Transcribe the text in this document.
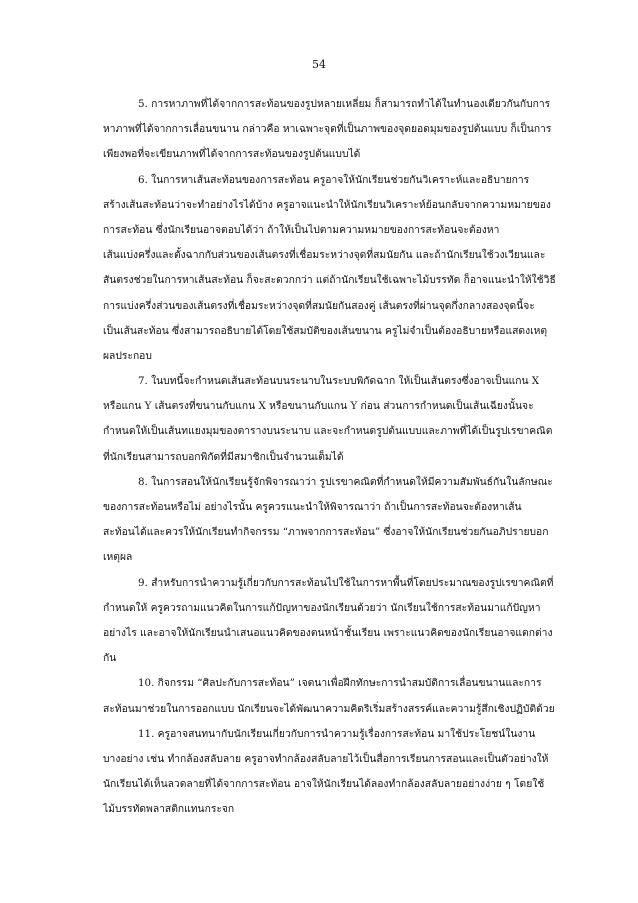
54
5. การหาภาพที่ได้จากการสะท้อนของรูปหลายเหลี่ยม ก็สามารถทำได้ในทำนองเดียวกันกับการ
หาภาพที่ได้จากการเลื่อนขนาน กล่าวคือ หาเฉพาะจุดที่เป็นภาพของจุดยอดมุมของรูปต้นแบบ ก็เป็นการ
เพียงพอที่จะเขียนภาพที่ได้จากการสะท้อนของรูปต้นแบบได้
6. ในการหาเส้นสะท้อนของการสะท้อน ครูอาจให้นักเรียนช่วยกันวิเคราะห์และอธิบายการ
สร้างเส้นสะท้อนว่าจะทำอย่างไรได้บ้าง ครูอาจแนะนำให้นักเรียนวิเคราะห์ย้อนกลับจากความหมายของ
การสะท้อน ซึ่งนักเรียนอาจตอบได้ว่า ถ้าให้เป็นไปตามความหมายของการสะท้อนจะต้องหา
เส้นแบ่งครึ่งและตั้งฉากกับส่วนของเส้นตรงที่เชื่อมระหว่างจุดที่สมนัยกัน และถ้านักเรียนใช้วงเวียนและ
สันตรงช่วยในการหาเส้นสะท้อน ก็จะสะดวกกว่า แต่ถ้านักเรียนใช้เฉพาะไม้บรรทัด ก็อาจแนะนำให้ใช้วิธี
การแบ่งครึ่งส่วนของเส้นตรงที่เชื่อมระหว่างจุดที่สมนัยกันสองคู่ เส้นตรงที่ผ่านจุดกึ่งกลางสองจุดนี้จะ
เป็นเส้นสะท้อน ซึ่งสามารถอธิบายได้โดยใช้สมบัติของเส้นขนาน ครูไม่จำเป็นต้องอธิบายหรือแสดงเหตุ
ผลประกอบ
7. ในบทนี้จะกำหนดเส้นสะท้อนบนระนาบในระบบพิกัดฉาก ให้เป็นเส้นตรงซึ่งอาจเป็นแกน X
หรือแกน Y เส้นตรงที่ขนานกับแกน X หรือขนานกับแกน Y ก่อน ส่วนการกำหนดเป็นเส้นเฉียงนั้นจะ
กำหนดให้เป็นเส้นทแยงมุมของตารางบนระนาบ และจะกำหนดรูปต้นแบบและภาพที่ได้เป็นรูปเรขาคณิต
ที่นักเรียนสามารถบอกพิกัดที่มีสมาชิกเป็นจำนวนเต็มได้
8. ในการสอนให้นักเรียนรู้จักพิจารณาว่า รูปเรขาคณิตที่กำหนดให้มีความสัมพันธ์กันในลักษณะ
ของการสะท้อนหรือไม่ อย่างไรนั้น ครูควรแนะนำให้พิจารณาว่า ถ้าเป็นการสะท้อนจะต้องหาเส้น
สะท้อนได้และควรให้นักเรียนทำกิจกรรม “ภาพจากการสะท้อน” ซึ่งอาจให้นักเรียนช่วยกันอภิปรายบอก
เหตุผล
9. สำหรับการนำความรู้เกี่ยวกับการสะท้อนไปใช้ในการหาพื้นที่โดยประมาณของรูปเรขาคณิตที่
กำหนดให้ ครูควรถามแนวคิดในการแก้ปัญหาของนักเรียนด้วยว่า นักเรียนใช้การสะท้อนมาแก้ปัญหา
อย่างไร และอาจให้นักเรียนนำเสนอแนวคิดของตนหน้าชั้นเรียน เพราะแนวคิดของนักเรียนอาจแตกต่าง
กัน
10. กิจกรรม “ศิลปะกับการสะท้อน” เจตนาเพื่อฝึกทักษะการนำสมบัติการเลื่อนขนานและการ
สะท้อนมาช่วยในการออกแบบ นักเรียนจะได้พัฒนาความคิดริเริ่มสร้างสรรค์และความรู้สึกเชิงปฏิบัติด้วย
11. ครูอาจสนทนากับนักเรียนเกี่ยวกับการนำความรู้เรื่องการสะท้อน มาใช้ประโยชน์ในงาน
บางอย่าง เช่น ทำกล้องสลับลาย ครูอาจทำกล้องสลับลายไว้เป็นสื่อการเรียนการสอนและเป็นตัวอย่างให้
นักเรียนได้เห็นลวดลายที่ได้จากการสะท้อน อาจให้นักเรียนได้ลองทำกล้องสลับลายอย่างง่าย ๆ โดยใช้
ไม้บรรทัดพลาสติกแทนกระจก
